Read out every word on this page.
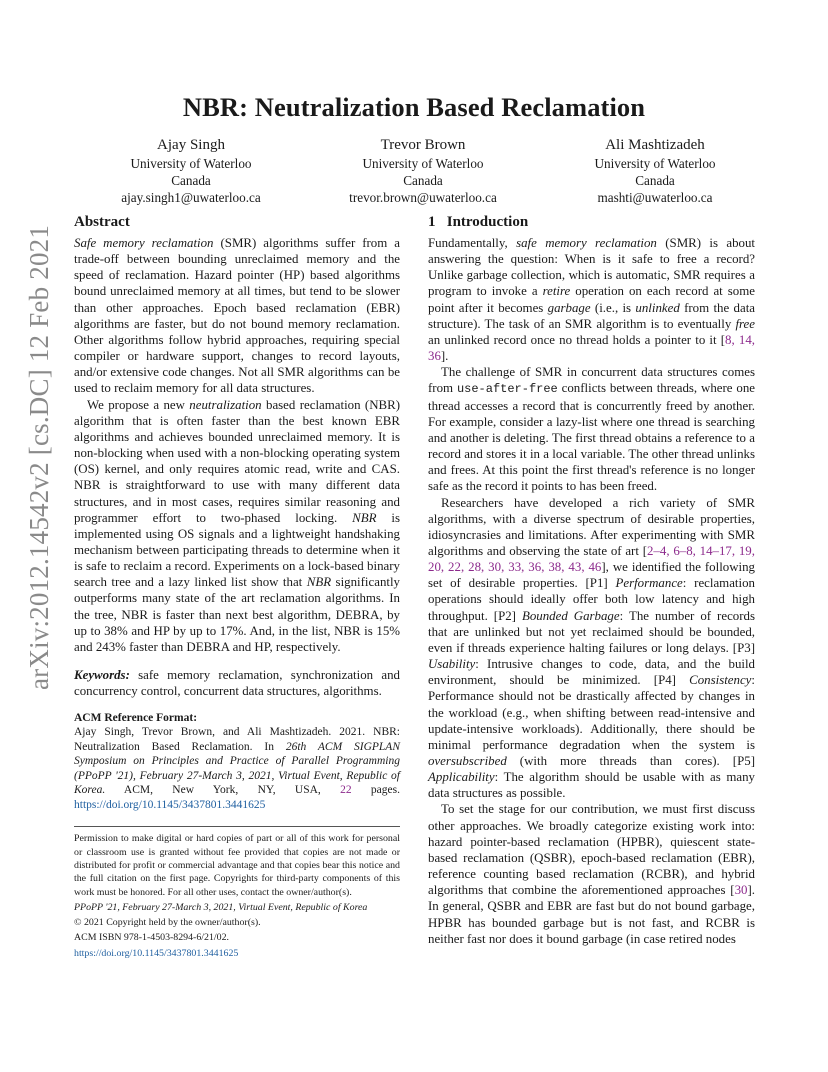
arXiv:2012.14542v2 [cs.DC] 12 Feb 2021
NBR: Neutralization Based Reclamation
Ajay Singh
University of Waterloo
Canada
ajay.singh1@uwaterloo.ca
Trevor Brown
University of Waterloo
Canada
trevor.brown@uwaterloo.ca
Ali Mashtizadeh
University of Waterloo
Canada
mashti@uwaterloo.ca
Abstract

Safe memory reclamation (SMR) algorithms suffer from a trade-off between bounding unreclaimed memory and the speed of reclamation. Hazard pointer (HP) based algorithms bound unreclaimed memory at all times, but tend to be slower than other approaches. Epoch based reclamation (EBR) algorithms are faster, but do not bound memory reclamation. Other algorithms follow hybrid approaches, requiring special compiler or hardware support, changes to record layouts, and/or extensive code changes. Not all SMR algorithms can be used to reclaim memory for all data structures.

We propose a new neutralization based reclamation (NBR) algorithm that is often faster than the best known EBR algorithms and achieves bounded unreclaimed memory. It is non-blocking when used with a non-blocking operating system (OS) kernel, and only requires atomic read, write and CAS. NBR is straightforward to use with many different data structures, and in most cases, requires similar reasoning and programmer effort to two-phased locking. NBR is implemented using OS signals and a lightweight handshaking mechanism between participating threads to determine when it is safe to reclaim a record. Experiments on a lock-based binary search tree and a lazy linked list show that NBR significantly outperforms many state of the art reclamation algorithms. In the tree, NBR is faster than next best algorithm, DEBRA, by up to 38% and HP by up to 17%. And, in the list, NBR is 15% and 243% faster than DEBRA and HP, respectively.

Keywords: safe memory reclamation, synchronization and concurrency control, concurrent data structures, algorithms.

ACM Reference Format:

Ajay Singh, Trevor Brown, and Ali Mashtizadeh. 2021. NBR: Neutralization Based Reclamation. In 26th ACM SIGPLAN Symposium on Principles and Practice of Parallel Programming (PPoPP '21), February 27-March 3, 2021, Virtual Event, Republic of Korea. ACM, New York, NY, USA, 22 pages. https://doi.org/10.1145/3437801.3441625

Permission to make digital or hard copies of part or all of this work for personal or classroom use is granted without fee provided that copies are not made or distributed for profit or commercial advantage and that copies bear this notice and the full citation on the first page. Copyrights for third-party components of this work must be honored. For all other uses, contact the owner/author(s).

PPoPP '21, February 27-March 3, 2021, Virtual Event, Republic of Korea

© 2021 Copyright held by the owner/author(s).

ACM ISBN 978-1-4503-8294-6/21/02.

https://doi.org/10.1145/3437801.3441625

1 Introduction

Fundamentally, safe memory reclamation (SMR) is about answering the question: When is it safe to free a record? Unlike garbage collection, which is automatic, SMR requires a program to invoke a retire operation on each record at some point after it becomes garbage (i.e., is unlinked from the data structure). The task of an SMR algorithm is to eventually free an unlinked record once no thread holds a pointer to it [8, 14, 36].

The challenge of SMR in concurrent data structures comes from use-after-free conflicts between threads, where one thread accesses a record that is concurrently freed by another. For example, consider a lazy-list where one thread is searching and another is deleting. The first thread obtains a reference to a record and stores it in a local variable. The other thread unlinks and frees. At this point the first thread's reference is no longer safe as the record it points to has been freed.

Researchers have developed a rich variety of SMR algorithms, with a diverse spectrum of desirable properties, idiosyncrasies and limitations. After experimenting with SMR algorithms and observing the state of art [2–4, 6–8, 14–17, 19, 20, 22, 28, 30, 33, 36, 38, 43, 46], we identified the following set of desirable properties. [P1] Performance: reclamation operations should ideally offer both low latency and high throughput. [P2] Bounded Garbage: The number of records that are unlinked but not yet reclaimed should be bounded, even if threads experience halting failures or long delays. [P3] Usability: Intrusive changes to code, data, and the build environment, should be minimized. [P4] Consistency: Performance should not be drastically affected by changes in the workload (e.g., when shifting between read-intensive and update-intensive workloads). Additionally, there should be minimal performance degradation when the system is oversubscribed (with more threads than cores). [P5] Applicability: The algorithm should be usable with as many data structures as possible.

To set the stage for our contribution, we must first discuss other approaches. We broadly categorize existing work into: hazard pointer-based reclamation (HPBR), quiescent state-based reclamation (QSBR), epoch-based reclamation (EBR), reference counting based reclamation (RCBR), and hybrid algorithms that combine the aforementioned approaches [30]. In general, QSBR and EBR are fast but do not bound garbage, HPBR has bounded garbage but is not fast, and RCBR is neither fast nor does it bound garbage (in case retired nodes
